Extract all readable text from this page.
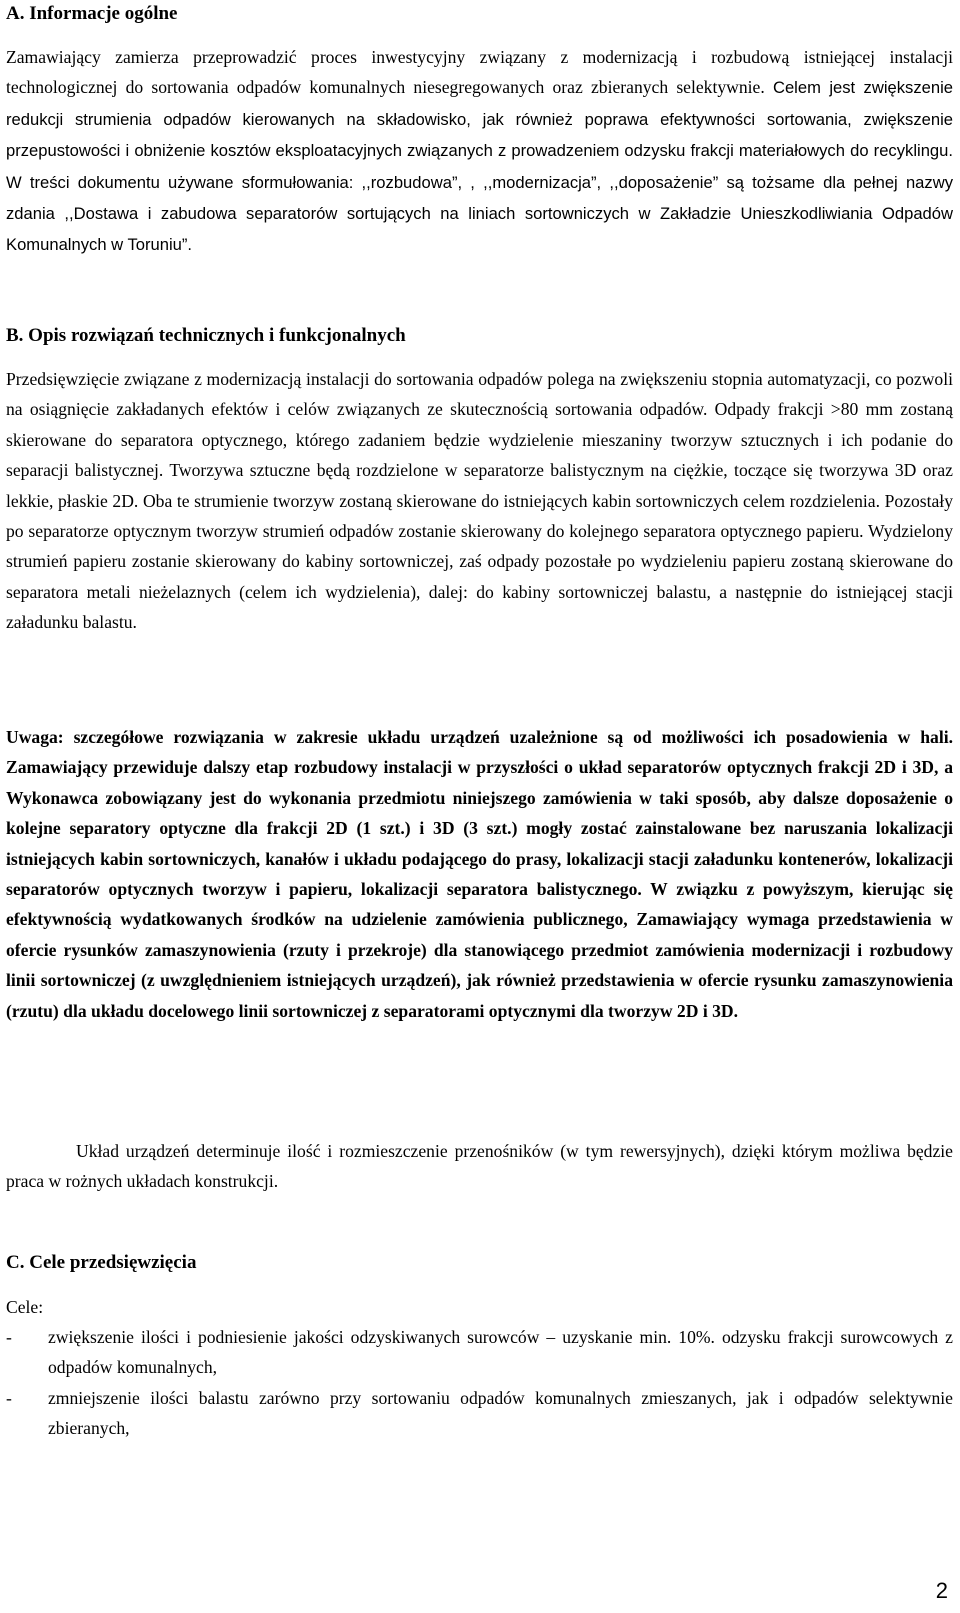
A. Informacje ogólne

Zamawiający zamierza przeprowadzić proces inwestycyjny związany z modernizacją i rozbudową istniejącej instalacji technologicznej do sortowania odpadów komunalnych niesegregowanych oraz zbieranych selektywnie. Celem jest zwiększenie redukcji strumienia odpadów kierowanych na składowisko, jak również poprawa efektywności sortowania, zwiększenie przepustowości i obniżenie kosztów eksploatacyjnych związanych z prowadzeniem odzysku frakcji materiałowych do recyklingu. W treści dokumentu używane sformułowania: ,,rozbudowa”, , ,,modernizacja”, ,,doposażenie” są tożsame dla pełnej nazwy zdania ,,Dostawa i zabudowa separatorów sortujących na liniach sortowniczych w Zakładzie Unieszkodliwiania Odpadów Komunalnych w Toruniu”.

B. Opis rozwiązań technicznych i funkcjonalnych

Przedsięwzięcie związane z modernizacją instalacji do sortowania odpadów polega na zwiększeniu stopnia automatyzacji, co pozwoli na osiągnięcie zakładanych efektów i celów związanych ze skutecznością sortowania odpadów. Odpady frakcji >80 mm zostaną skierowane do separatora optycznego, którego zadaniem będzie wydzielenie mieszaniny tworzyw sztucznych i ich podanie do separacji balistycznej. Tworzywa sztuczne będą rozdzielone w separatorze balistycznym na ciężkie, toczące się tworzywa 3D oraz lekkie, płaskie 2D. Oba te strumienie tworzyw zostaną skierowane do istniejących kabin sortowniczych celem rozdzielenia. Pozostały po separatorze optycznym tworzyw strumień odpadów zostanie skierowany do kolejnego separatora optycznego papieru. Wydzielony strumień papieru zostanie skierowany do kabiny sortowniczej, zaś odpady pozostałe po wydzieleniu papieru zostaną skierowane do separatora metali nieżelaznych (celem ich wydzielenia), dalej: do kabiny sortowniczej balastu, a następnie do istniejącej stacji załadunku balastu.

Uwaga: szczegółowe rozwiązania w zakresie układu urządzeń uzależnione są od możliwości ich posadowienia w hali. Zamawiający przewiduje dalszy etap rozbudowy instalacji w przyszłości o układ separatorów optycznych frakcji 2D i 3D, a Wykonawca zobowiązany jest do wykonania przedmiotu niniejszego zamówienia w taki sposób, aby dalsze doposażenie o kolejne separatory optyczne dla frakcji 2D (1 szt.) i 3D (3 szt.) mogły zostać zainstalowane bez naruszania lokalizacji istniejących kabin sortowniczych, kanałów i układu podającego do prasy, lokalizacji stacji załadunku kontenerów, lokalizacji separatorów optycznych tworzyw i papieru, lokalizacji separatora balistycznego. W związku z powyższym, kierując się efektywnością wydatkowanych środków na udzielenie zamówienia publicznego, Zamawiający wymaga przedstawienia w ofercie rysunków zamaszynowienia (rzuty i przekroje) dla stanowiącego przedmiot zamówienia modernizacji i rozbudowy linii sortowniczej (z uwzględnieniem istniejących urządzeń), jak również przedstawienia w ofercie rysunku zamaszynowienia (rzutu) dla układu docelowego linii sortowniczej z separatorami optycznymi dla tworzyw 2D i 3D.

Układ urządzeń determinuje ilość i rozmieszczenie przenośników (w tym rewersyjnych), dzięki którym możliwa będzie praca w rożnych układach konstrukcji.

C. Cele przedsięwzięcia

Cele:

- zwiększenie ilości i podniesienie jakości odzyskiwanych surowców – uzyskanie min. 10%. odzysku frakcji surowcowych z odpadów komunalnych,
- zmniejszenie ilości balastu zarówno przy sortowaniu odpadów komunalnych zmieszanych, jak i odpadów selektywnie zbieranych,
2
